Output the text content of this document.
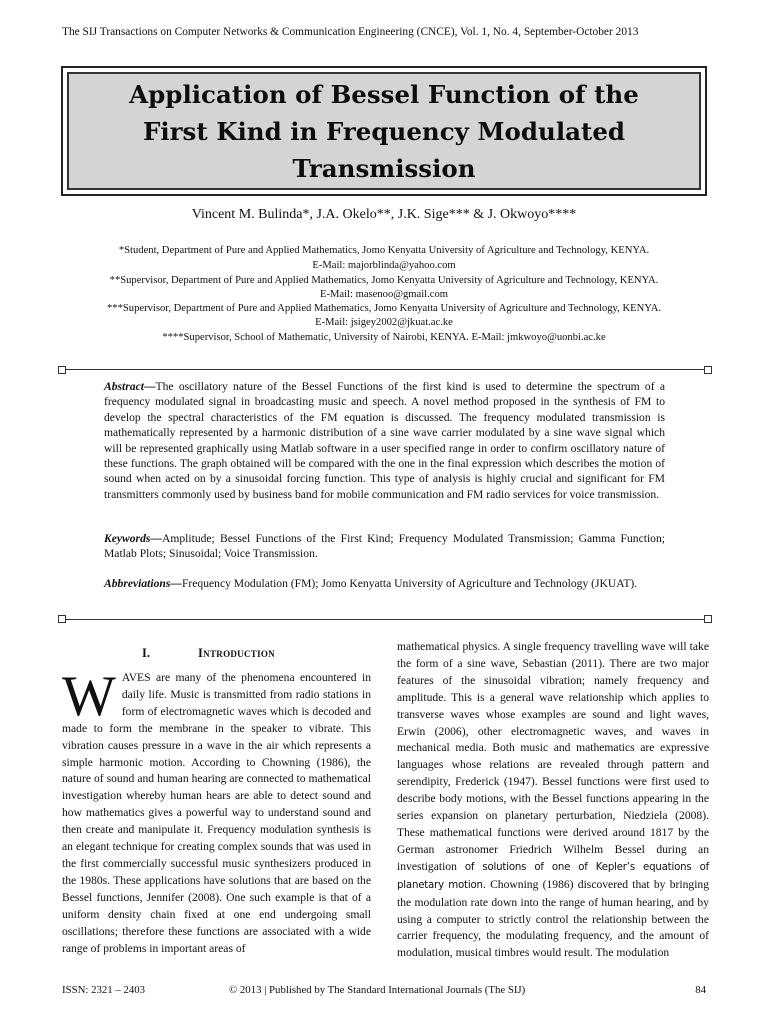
The SIJ Transactions on Computer Networks & Communication Engineering (CNCE), Vol. 1, No. 4, September-October 2013
Application of Bessel Function of the
First Kind in Frequency Modulated
Transmission
Vincent M. Bulinda*, J.A. Okelo**, J.K. Sige*** & J. Okwoyo****
*Student, Department of Pure and Applied Mathematics, Jomo Kenyatta University of Agriculture and Technology, KENYA.
E-Mail: majorblinda@yahoo.com
**Supervisor, Department of Pure and Applied Mathematics, Jomo Kenyatta University of Agriculture and Technology, KENYA.
E-Mail: masenoo@gmail.com
***Supervisor, Department of Pure and Applied Mathematics, Jomo Kenyatta University of Agriculture and Technology, KENYA.
E-Mail: jsigey2002@jkuat.ac.ke
****Supervisor, School of Mathematic, University of Nairobi, KENYA. E-Mail: jmkwoyo@uonbi.ac.ke

Abstract—The oscillatory nature of the Bessel Functions of the first kind is used to determine the spectrum of a frequency modulated signal in broadcasting music and speech. A novel method proposed in the synthesis of FM to develop the spectral characteristics of the FM equation is discussed. The frequency modulated transmission is mathematically represented by a harmonic distribution of a sine wave carrier modulated by a sine wave signal which will be represented graphically using Matlab software in a user specified range in order to confirm oscillatory nature of these functions. The graph obtained will be compared with the one in the final expression which describes the motion of sound when acted on by a sinusoidal forcing function. This type of analysis is highly crucial and significant for FM transmitters commonly used by business band for mobile communication and FM radio services for voice transmission.

Keywords—Amplitude; Bessel Functions of the First Kind; Frequency Modulated Transmission; Gamma Function; Matlab Plots; Sinusoidal; Voice Transmission.

Abbreviations—Frequency Modulation (FM); Jomo Kenyatta University of Agriculture and Technology (JKUAT).

I.	Introduction

WAVES are many of the phenomena encountered in daily life. Music is transmitted from radio stations in form of electromagnetic waves which is decoded and made to form the membrane in the speaker to vibrate. This vibration causes pressure in a wave in the air which represents a simple harmonic motion. According to Chowning (1986), the nature of sound and human hearing are connected to mathematical investigation whereby human hears are able to detect sound and how mathematics gives a powerful way to understand sound and then create and manipulate it. Frequency modulation synthesis is an elegant technique for creating complex sounds that was used in the first commercially successful music synthesizers produced in the 1980s. These applications have solutions that are based on the Bessel functions, Jennifer (2008). One such example is that of a uniform density chain fixed at one end undergoing small oscillations; therefore these functions are associated with a wide range of problems in important areas of

mathematical physics. A single frequency travelling wave will take the form of a sine wave, Sebastian (2011). There are two major features of the sinusoidal vibration; namely frequency and amplitude. This is a general wave relationship which applies to transverse waves whose examples are sound and light waves, Erwin (2006), other electromagnetic waves, and waves in mechanical media. Both music and mathematics are expressive languages whose relations are revealed through pattern and serendipity, Frederick (1947). Bessel functions were first used to describe body motions, with the Bessel functions appearing in the series expansion on planetary perturbation, Niedziela (2008). These mathematical functions were derived around 1817 by the German astronomer Friedrich Wilhelm Bessel during an investigation of solutions of one of Kepler’s equations of planetary motion. Chowning (1986) discovered that by bringing the modulation rate down into the range of human hearing, and by using a computer to strictly control the relationship between the carrier frequency, the modulating frequency, and the amount of modulation, musical timbres would result. The modulation

ISSN: 2321 – 2403	© 2013 | Published by The Standard International Journals (The SIJ)	84
